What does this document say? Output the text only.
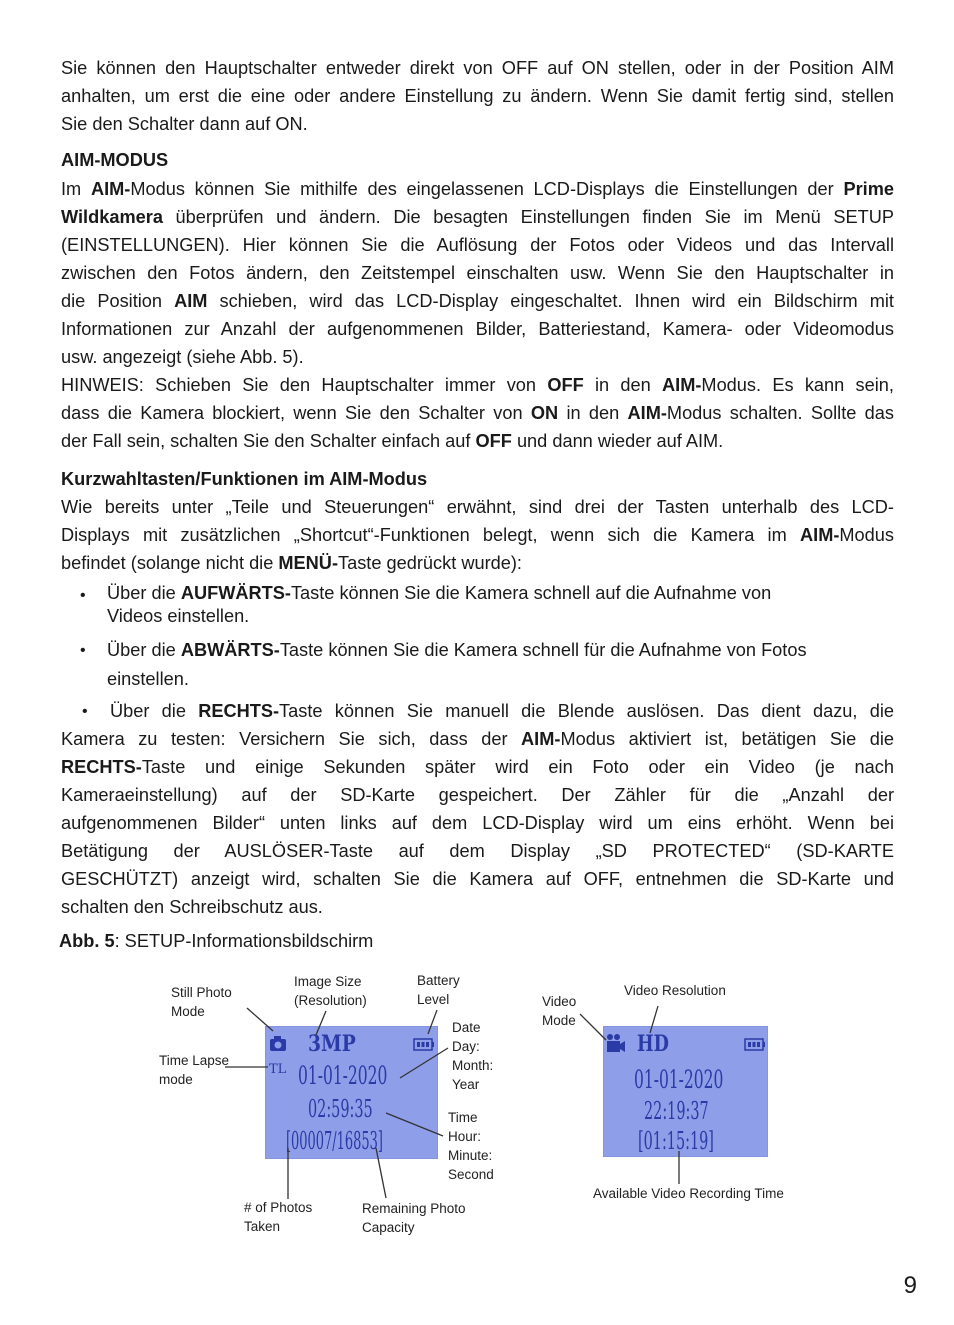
Sie können den Hauptschalter entweder direkt von OFF auf ON stellen, oder in der Position AIM
anhalten, um erst die eine oder andere Einstellung zu ändern. Wenn Sie damit fertig sind, stellen
Sie den Schalter dann auf ON.
AIM-MODUS
Im AIM-Modus können Sie mithilfe des eingelassenen LCD-Displays die Einstellungen der Prime
Wildkamera überprüfen und ändern. Die besagten Einstellungen finden Sie im Menü SETUP
(EINSTELLUNGEN). Hier können Sie die Auflösung der Fotos oder Videos und das Intervall
zwischen den Fotos ändern, den Zeitstempel einschalten usw. Wenn Sie den Hauptschalter in
die Position AIM schieben, wird das LCD-Display eingeschaltet. Ihnen wird ein Bildschirm mit
Informationen zur Anzahl der aufgenommenen Bilder, Batteriestand, Kamera- oder Videomodus
usw. angezeigt (siehe Abb. 5).
HINWEIS: Schieben Sie den Hauptschalter immer von OFF in den AIM-Modus. Es kann sein,
dass die Kamera blockiert, wenn Sie den Schalter von ON in den AIM-Modus schalten. Sollte das
der Fall sein, schalten Sie den Schalter einfach auf OFF und dann wieder auf AIM.
Kurzwahltasten/Funktionen im AIM-Modus
Wie bereits unter „Teile und Steuerungen“ erwähnt, sind drei der Tasten unterhalb des LCD-
Displays mit zusätzlichen „Shortcut“-Funktionen belegt, wenn sich die Kamera im AIM-Modus
befindet (solange nicht die MENÜ-Taste gedrückt wurde):
• Über die AUFWÄRTS-Taste können Sie die Kamera schnell auf die Aufnahme von
Videos einstellen.
• Über die ABWÄRTS-Taste können Sie die Kamera schnell für die Aufnahme von Fotos
einstellen.
• Über die RECHTS-Taste können Sie manuell die Blende auslösen. Das dient dazu, die
Kamera zu testen: Versichern Sie sich, dass der AIM-Modus aktiviert ist, betätigen Sie die
RECHTS-Taste und einige Sekunden später wird ein Foto oder ein Video (je nach
Kameraeinstellung) auf der SD-Karte gespeichert. Der Zähler für die „Anzahl der
aufgenommenen Bilder“ unten links auf dem LCD-Display wird um eins erhöht. Wenn bei
Betätigung der AUSLÖSER-Taste auf dem Display „SD PROTECTED“ (SD-KARTE
GESCHÜTZT) anzeigt wird, schalten Sie die Kamera auf OFF, entnehmen die SD-Karte und
schalten den Schreibschutz aus.
Abb. 5: SETUP-Informationsbildschirm
3MP
TL 01-01-2020
02:59:35
[00007/16853]
HD
01-01-2020
22:19:37
[01:15:19]
Still Photo
Mode
Image Size
(Resolution)
Battery
Level
Date
Day:
Month:
Year
Time Lapse
mode
Time
Hour:
Minute:
Second
# of Photos
Taken
Remaining Photo
Capacity
Video
Mode
Video Resolution
Available Video Recording Time
9
